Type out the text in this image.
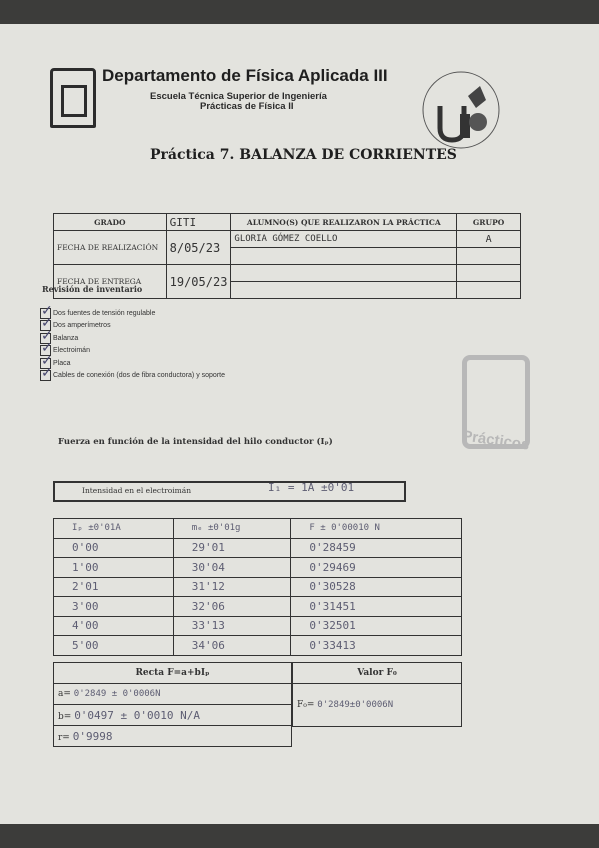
Departamento de Física Aplicada III
Escuela Técnica Superior de Ingeniería
Prácticas de Física II
Práctica 7. BALANZA DE CORRIENTES
GRADO	GITI	ALUMNO(S) QUE REALIZARON LA PRÁCTICA	GRUPO
FECHA DE REALIZACIÓN	8/05/23	GLORIA GÓMEZ COELLO	A

FECHA DE ENTREGA	19/05/23		

Revisión de inventario
✓ Dos fuentes de tensión regulable
✓ Dos amperímetros
✓ Balanza
✓ Electroimán
✓ Placa
✓ Cables de conexión (dos de fibra conductora) y soporte
Prácticos
Fuerza en función de la intensidad del hilo conductor (Iₚ)
Intensidad en el electroimán	I₁ = 1A ±0'01
Iₚ ±0'01A	mₑ ±0'01g	F ± 0'00010 N
0'00	29'01	0'28459
1'00	30'04	0'29469
2'01	31'12	0'30528
3'00	32'06	0'31451
4'00	33'13	0'32501
5'00	34'06	0'33413
Recta F=a+bIₚ
a= 0'2849 ± 0'0006N
b= 0'0497 ± 0'0010 N/A
r= 0'9998
Valor F₀
F₀= 0'2849±0'0006N
